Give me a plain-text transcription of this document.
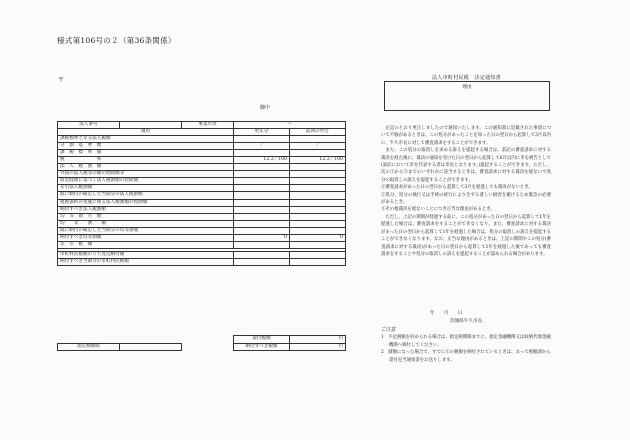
様式第106号の２（第36条関係）
〒
御中
法人番号		事業年度	〜	
適用			更正分	前回の申告
課税標準となる法人税額				
分　割　基　準　数			／	／
課　税　標　準　額				
税　　　　　　　率			12.3／100	12.3／100
法　人　税　割　額				
外国の法人税等の額の控除額等				
仮装経理に基づく法人税割額の控除額				
差引法人税割額				
既に納付の確定した当期分の法人税割額				
租税条約の実施に係る法人税割額の控除額				
納付すべき法人税割額				
均　等　割　月　数				
均　　等　　割　　額				
既に納付の確定した当期分の均等割額				
納付すべき均等割額			0	0
差　引　税　額				

市町村民税額のうち見込納付額				
納付すべき当期分の市町村民税額				
			還付税額	円
指定納期限			納付すべき税額	円
法人市町村民税　決定通知書
理由

左記のとおり更正しましたので通知いたします。この通知書に記載された事項について不服があるときは、この処分があったことを知った日の翌日から起算して3月以内に、牛久市長に対して審査請求をすることができます。

また、この処分の取消しを求める訴えを提起する場合は、前記の審査請求に対する裁決を経た後に、裁決の通知を受けた日の翌日から起算して6月以内に市を被告として(訴訟において市を代表する者は市長となります。)提起することができます。ただし、次の①から③までのいずれかに該当するときは、審査請求に対する裁決を経ないで処分の取消しの訴えを提起することができます。

①審査請求があった日の翌日から起算して3月を経過しても裁決がないとき。
②処分、処分の執行又は手続の続行により生ずる著しい損害を避けるため緊急の必要があるとき。
③その他裁決を経ないことにつき正当な理由があるとき。

ただし、上記の期間が経過する前に、この処分があった日の翌日から起算して1年を経過した場合は、審査請求をすることができなくなり、また、審査請求に対する裁決があった日の翌日から起算して1年を経過した場合は、処分の取消しの訴えを提起することができなくなります。なお、正当な理由があるときは、上記の期間やこの処分(審査請求に対する裁決)があった日の翌日から起算して1年を経過した後であっても審査請求をすることや処分の取消しの訴えを提起することが認められる場合があります。

年　　月　　日
茨城県牛久市長
ご注意
1　不足税額を収められる場合は、指定納期限までに、指定金融機関又は収納代理金融機関へ納付してください。
2　減額になった場合で、すでに①の税額を納付されているときは、おって税額課から還付充当通知書をお送りします。
